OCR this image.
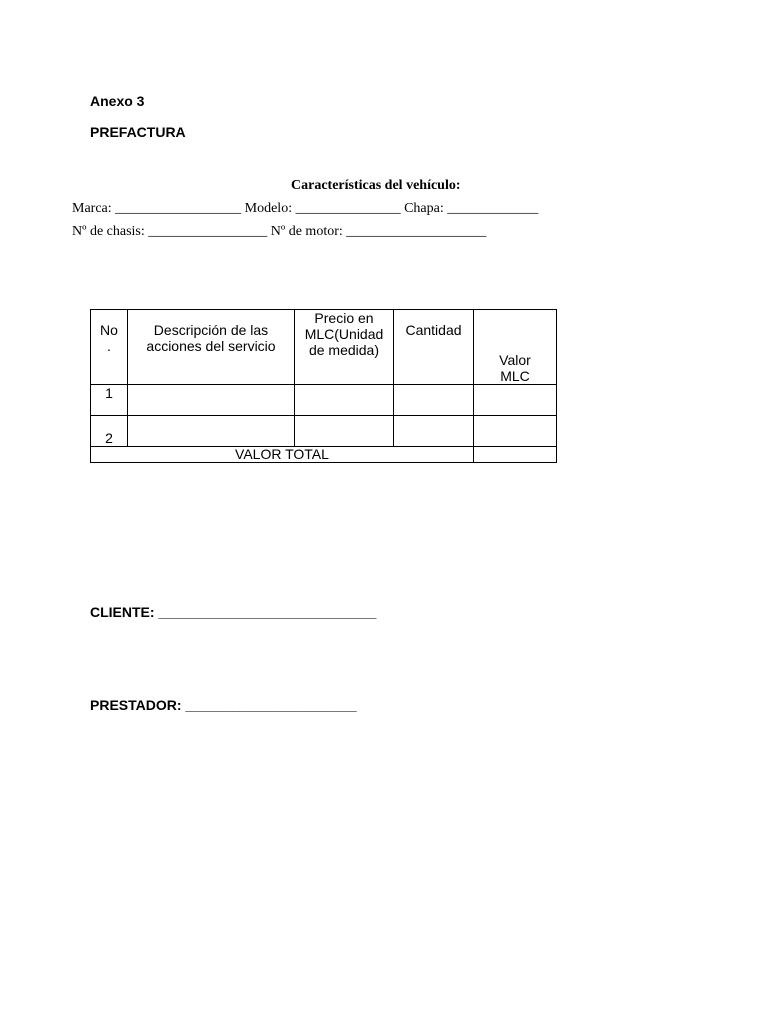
Anexo 3
PREFACTURA
Características del vehículo:
Marca: __________________ Modelo: _______________ Chapa: _____________
Nº de chasis: _________________ Nº de motor: ____________________
No .	Descripción de las acciones del servicio	Precio en MLC(Unidad de medida)	Cantidad	Valor MLC
1				
2				
VALOR TOTAL				
CLIENTE: ____________________________
PRESTADOR: ______________________
